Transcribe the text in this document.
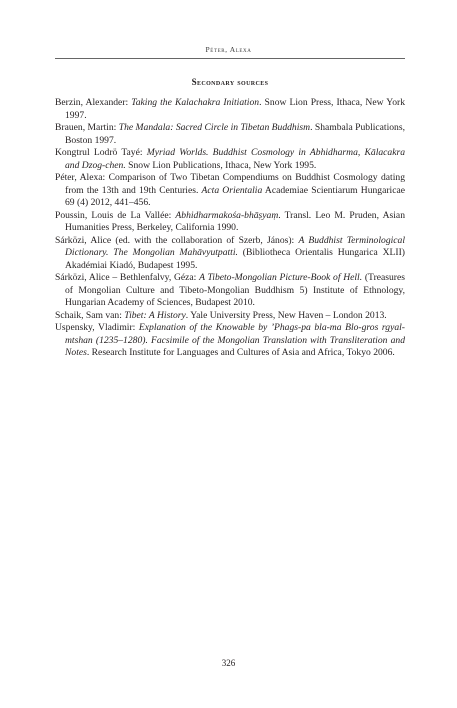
Péter, Alexa
Secondary sources
Berzin, Alexander: Taking the Kalachakra Initiation. Snow Lion Press, Ithaca, New York 1997.
Brauen, Martin: The Mandala: Sacred Circle in Tibetan Buddhism. Shambala Publications, Boston 1997.
Kongtrul Lodrö Tayé: Myriad Worlds. Buddhist Cosmology in Abhidharma, Kālacakra and Dzog-chen. Snow Lion Publications, Ithaca, New York 1995.
Péter, Alexa: Comparison of Two Tibetan Compendiums on Buddhist Cosmology dating from the 13th and 19th Centuries. Acta Orientalia Academiae Scientiarum Hungaricae 69 (4) 2012, 441–456.
Poussin, Louis de La Vallée: Abhidharmakośa-bhāṣyaṃ. Transl. Leo M. Pruden, Asian Humanities Press, Berkeley, California 1990.
Sárközi, Alice (ed. with the collaboration of Szerb, János): A Buddhist Terminological Dictionary. The Mongolian Mahāvyutpatti. (Bibliotheca Orientalis Hungarica XLII) Akadémiai Kiadó, Budapest 1995.
Sárközi, Alice – Bethlenfalvy, Géza: A Tibeto-Mongolian Picture-Book of Hell. (Treasures of Mongolian Culture and Tibeto-Mongolian Buddhism 5) Institute of Ethnology, Hungarian Academy of Sciences, Budapest 2010.
Schaik, Sam van: Tibet: A History. Yale University Press, New Haven – London 2013.
Uspensky, Vladimir: Explanation of the Knowable by ’Phags-pa bla-ma Blo-gros rgyal-mtshan (1235–1280). Facsimile of the Mongolian Translation with Transliteration and Notes. Research Institute for Languages and Cultures of Asia and Africa, Tokyo 2006.
326
